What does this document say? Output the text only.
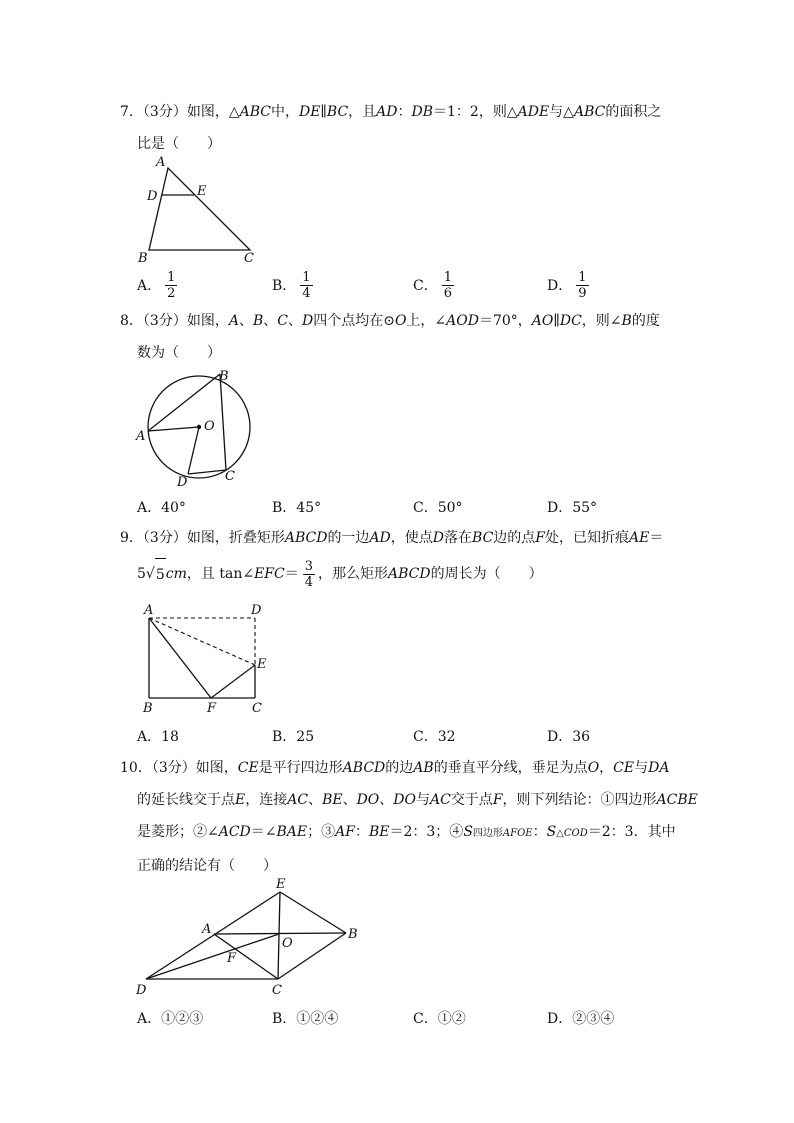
7．（3分）如图，△ABC中，DE∥BC，且AD：DB＝1：2，则△ADE与△ABC的面积之
比是（　　）
A
D	E
B	C
A． $\frac{1}{2}$	B． $\frac{1}{4}$	C． $\frac{1}{6}$	D． $\frac{1}{9}$
8．（3分）如图，A、B、C、D四个点均在⊙O上，∠AOD＝70°，AO∥DC，则∠B的度
数为（　　）
A
B
O
D	C
A．40°	B．45°	C．50°	D．55°
9．（3分）如图，折叠矩形ABCD的一边AD，使点D落在BC边的点F处，已知折痕AE＝
5 √ 5 cm ，且 tan∠ EFC ＝ $\frac{3}{4}$ ，那么矩形 ABCD 的周长为（　　）
A	D
E
B	F	C
A．18	B．25	C．32	D．36
10．（3分）如图，CE是平行四边形ABCD的边AB的垂直平分线，垂足为点O，CE与DA
的延长线交于点E，连接AC、BE、DO、DO与AC交于点F，则下列结论：①四边形ACBE
是菱形；②∠ACD＝∠BAE；③AF：BE＝2：3；④S四边形AFOE：S△COD＝2：3．其中
正确的结论有（　　）
E
A
O
B
F
D	C
A．①②③	B．①②④	C．①②	D．②③④
